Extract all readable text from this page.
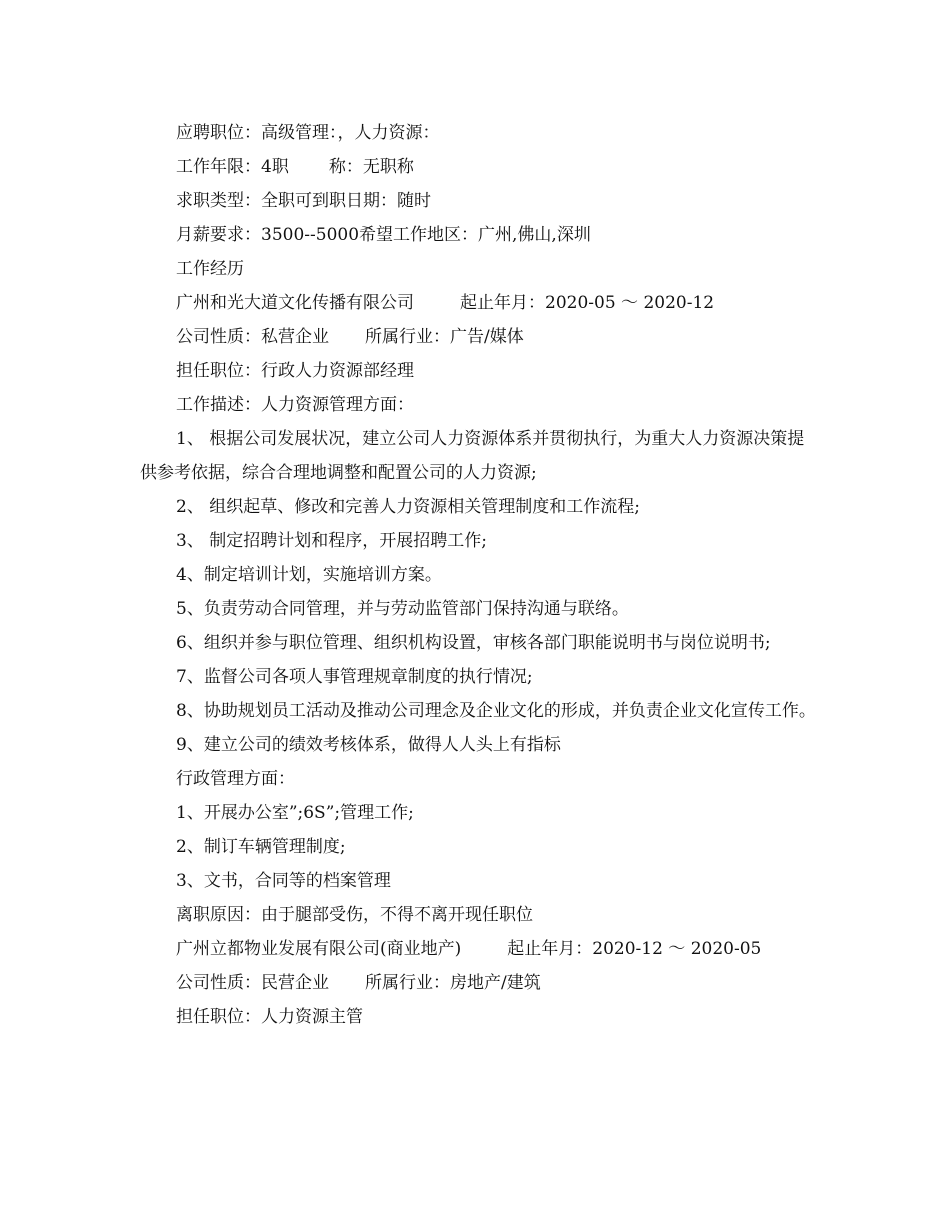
应聘职位：高级管理：，人力资源：
工作年限：4职 称：无职称
求职类型：全职可到职日期：随时
月薪要求：3500--5000希望工作地区：广州,佛山,深圳
工作经历
广州和光大道文化传播有限公司	起止年月：2020-05 ～ 2020-12
公司性质：私营企业 所属行业：广告/媒体
担任职位：行政人力资源部经理
工作描述：人力资源管理方面：
1、 根据公司发展状况，建立公司人力资源体系并贯彻执行，为重大人力资源决策提供参考依据，综合合理地调整和配置公司的人力资源;
2、 组织起草、修改和完善人力资源相关管理制度和工作流程;
3、 制定招聘计划和程序，开展招聘工作;
4、制定培训计划，实施培训方案。
5、负责劳动合同管理，并与劳动监管部门保持沟通与联络。
6、组织并参与职位管理、组织机构设置，审核各部门职能说明书与岗位说明书;
7、监督公司各项人事管理规章制度的执行情况;
8、协助规划员工活动及推动公司理念及企业文化的形成，并负责企业文化宣传工作。
9、建立公司的绩效考核体系，做得人人头上有指标
行政管理方面：
1、开展办公室”;6S”;管理工作;
2、制订车辆管理制度;
3、文书，合同等的档案管理
离职原因：由于腿部受伤，不得不离开现任职位
广州立都物业发展有限公司(商业地产)	起止年月：2020-12 ～ 2020-05
公司性质：民营企业 所属行业：房地产/建筑
担任职位：人力资源主管
